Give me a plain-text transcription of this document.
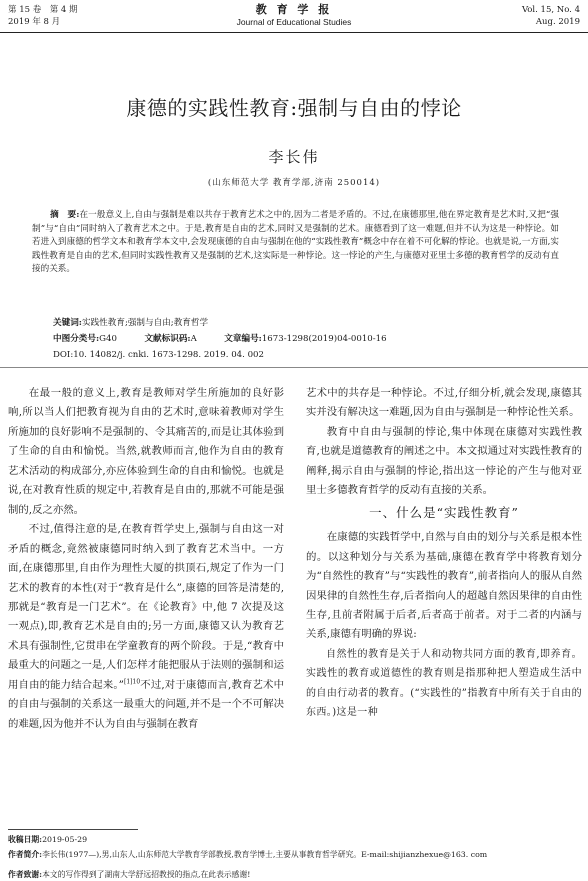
第 15 卷　第 4 期
2019 年 8 月
教 育 学 报
Journal of Educational Studies
Vol. 15, No. 4
Aug. 2019
康德的实践性教育:强制与自由的悖论
李长伟
(山东师范大学 教育学部,济南 250014)
摘　要:在一般意义上,自由与强制是难以共存于教育艺术之中的,因为二者是矛盾的。不过,在康德那里,他在界定教育是艺术时,又把“强制”与“自由”同时纳入了教育艺术之中。于是,教育是自由的艺术,同时又是强制的艺术。康德看到了这一难题,但并不认为这是一种悖论。如若进入到康德的哲学文本和教育学本文中,会发现康德的自由与强制在他的“实践性教育”概念中存在着不可化解的悖论。也就是说,一方面,实践性教育是自由的艺术,但同时实践性教育又是强制的艺术,这实际是一种悖论。这一悖论的产生,与康德对亚里士多德的教育哲学的反动有直接的关系。
关键词:实践性教育;强制与自由;教育哲学
中图分类号:G40	文献标识码:A	文章编号:1673-1298(2019)04-0010-16
DOI:10. 14082/j. cnki. 1673-1298. 2019. 04. 002

在最一般的意义上,教育是教师对学生所施加的良好影响,所以当人们把教育视为自由的艺术时,意味着教师对学生所施加的良好影响不是强制的、令其痛苦的,而是让其体验到了生命的自由和愉悦。当然,就教师而言,他作为自由的教育艺术活动的构成部分,亦应体验到生命的自由和愉悦。也就是说,在对教育性质的规定中,若教育是自由的,那就不可能是强制的,反之亦然。

不过,值得注意的是,在教育哲学史上,强制与自由这一对矛盾的概念,竟然被康德同时纳入到了教育艺术当中。一方面,在康德那里,自由作为理性大厦的拱顶石,规定了作为一门艺术的教育的本性(对于“教育是什么”,康德的回答是清楚的,那就是“教育是一门艺术”。在《论教育》中,他 7 次提及这一观点),即,教育艺术是自由的;另一方面,康德又认为教育艺术具有强制性,它贯串在学童教育的两个阶段。于是,“教育中最重大的问题之一是,人们怎样才能把服从于法则的强制和运用自由的能力结合起来。”$^{[1]10}$不过,对于康德而言,教育艺术中的自由与强制的关系这一最重大的问题,并不是一个不可解决的难题,因为他并不认为自由与强制在教育

艺术中的共存是一种悖论。不过,仔细分析,就会发现,康德其实并没有解决这一难题,因为自由与强制是一种悖论性关系。

教育中自由与强制的悖论,集中体现在康德对实践性教育,也就是道德教育的阐述之中。本文拟通过对实践性教育的阐释,揭示自由与强制的悖论,指出这一悖论的产生与他对亚里士多德教育哲学的反动有直接的关系。

一、什么是“实践性教育”

在康德的实践哲学中,自然与自由的划分与关系是根本性的。以这种划分与关系为基础,康德在教育学中将教育划分为“自然性的教育”与“实践性的教育”,前者指向人的服从自然因果律的自然性生存,后者指向人的超越自然因果律的自由性生存,且前者附属于后者,后者高于前者。对于二者的内涵与关系,康德有明确的界说:

自然性的教育是关于人和动物共同方面的教育,即养育。实践性的教育或道德性的教育则是指那种把人塑造成生活中的自由行动者的教育。(“实践性的”指教育中所有关于自由的东西。)这是一种

收稿日期:2019-05-29
作者简介:李长伟(1977—),男,山东人,山东师范大学教育学部教授,教育学博士,主要从事教育哲学研究。E-mail:shijianzhexue@163. com
作者致谢:本文的写作得到了湖南大学舒远招教授的指点,在此表示感谢!
